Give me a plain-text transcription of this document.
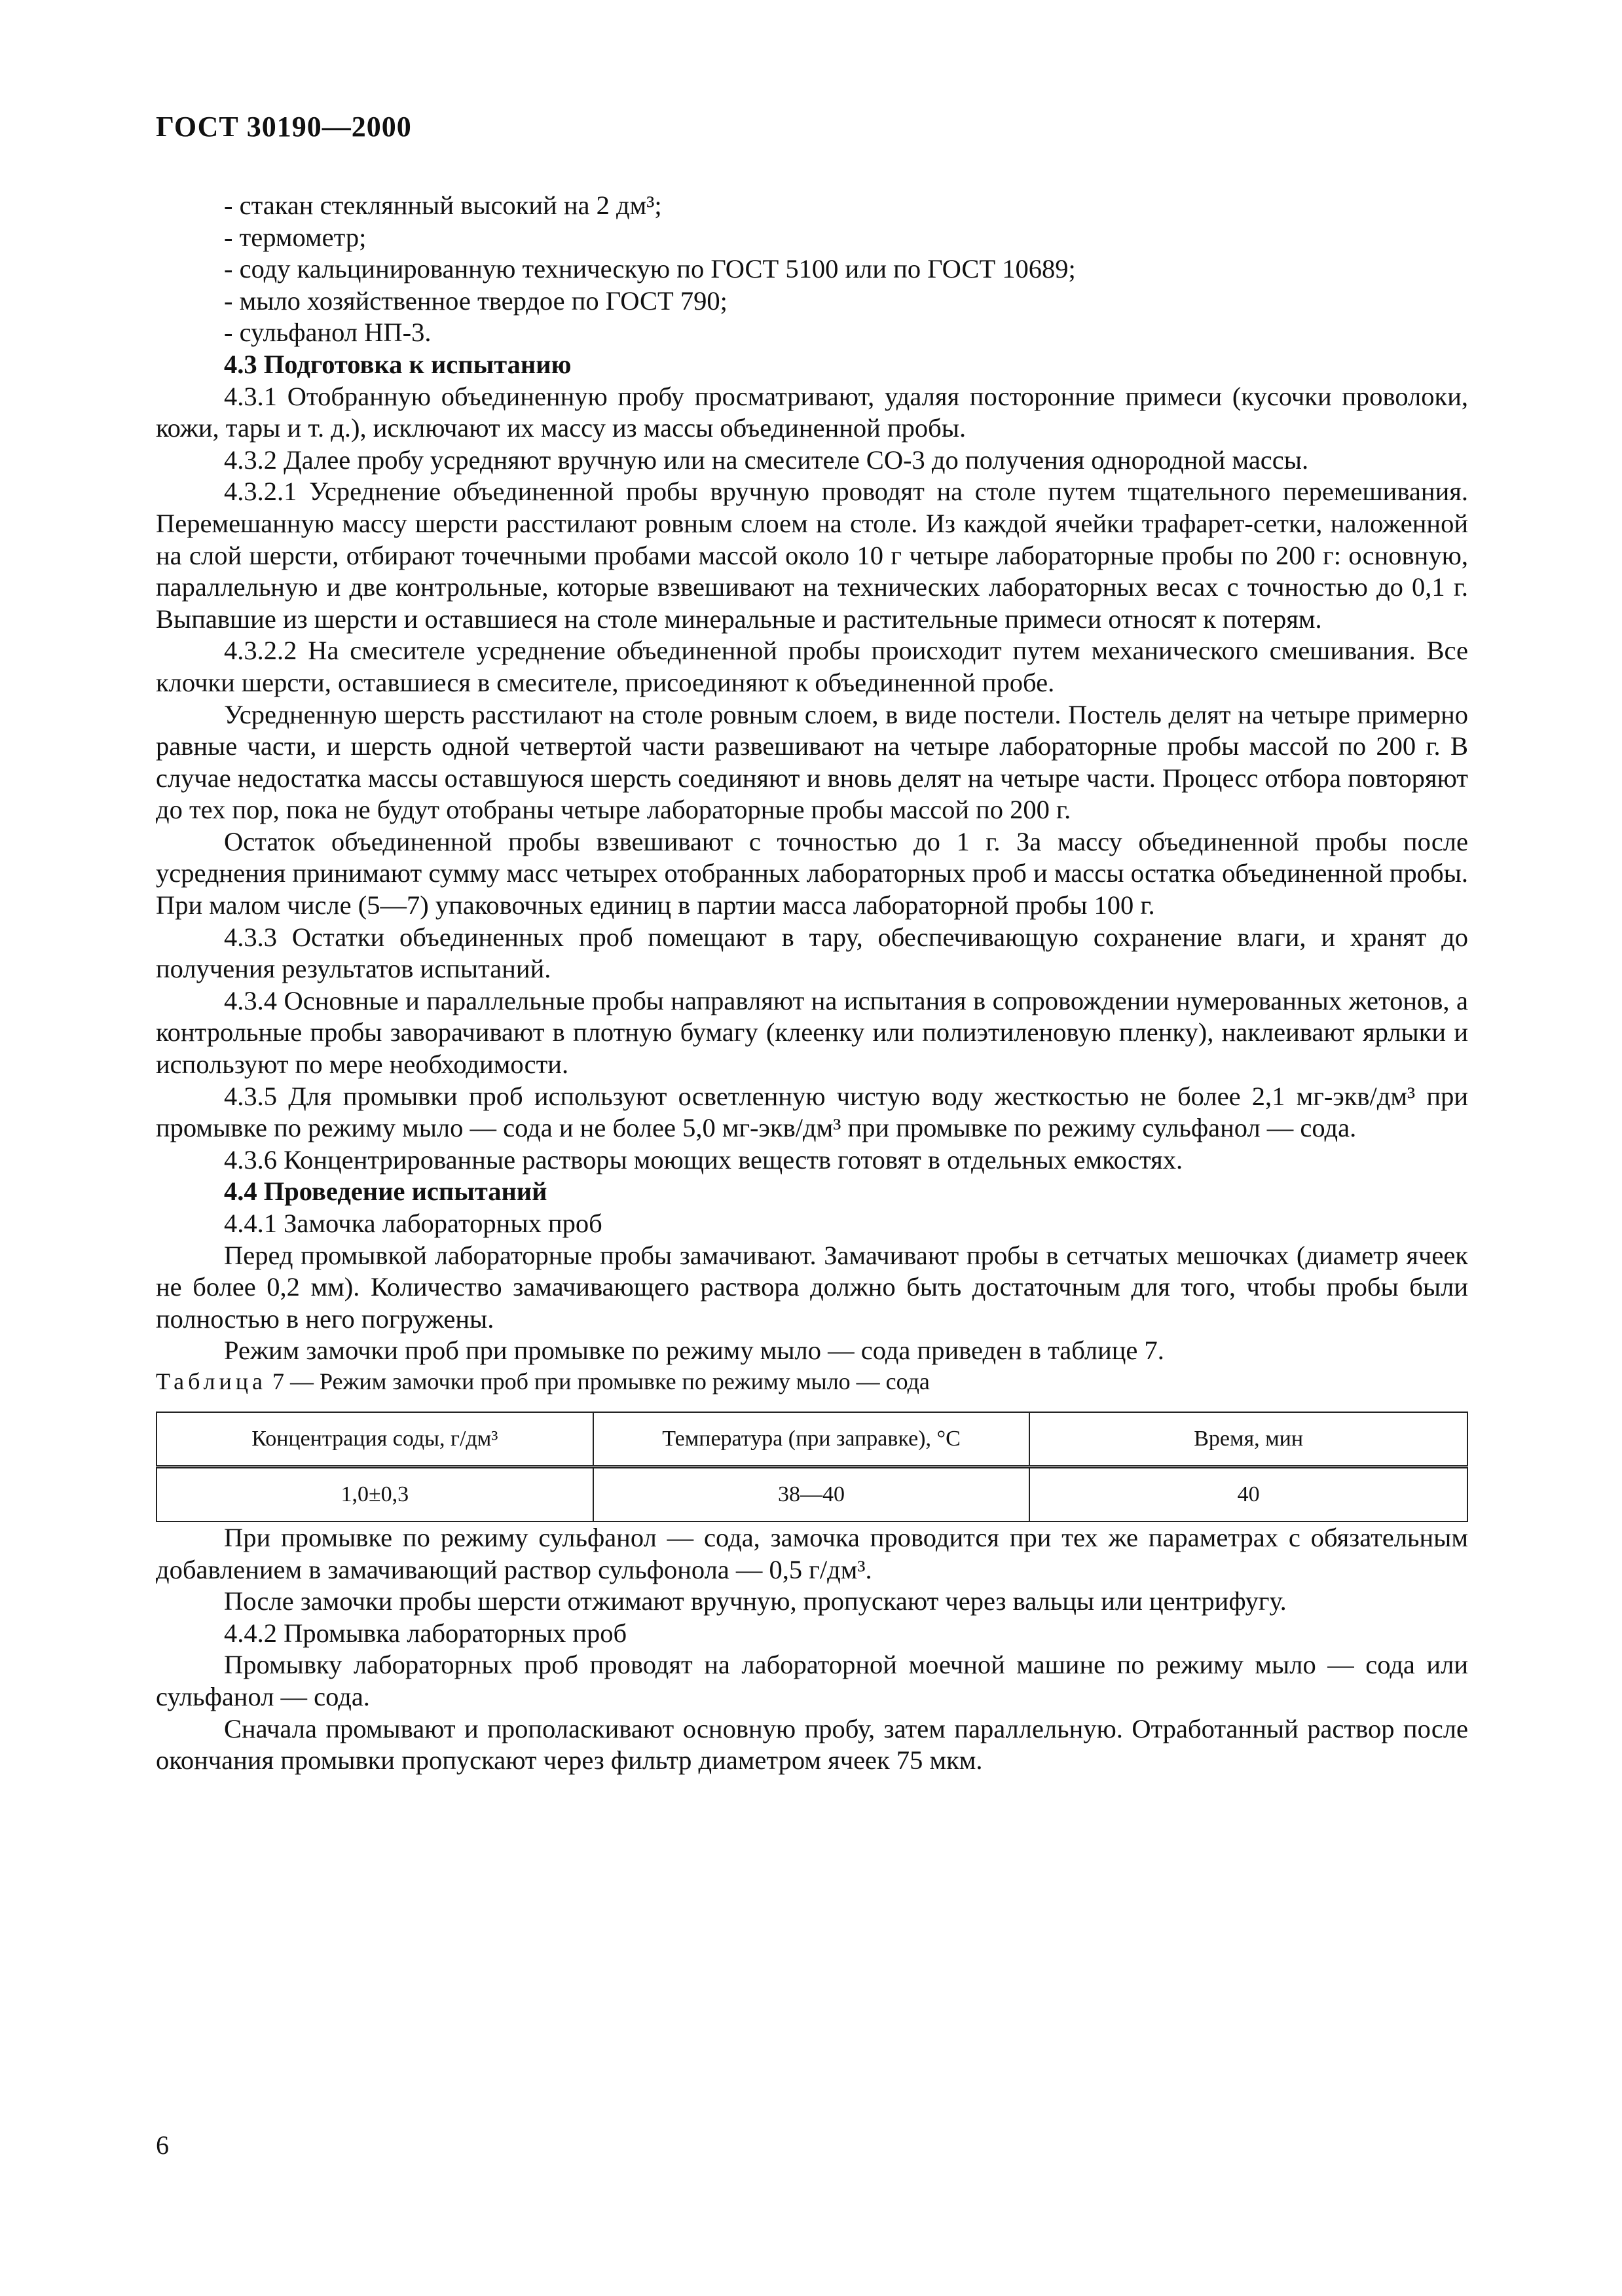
ГОСТ 30190—2000

- стакан стеклянный высокий на 2 дм³;

- термометр;

- соду кальцинированную техническую по ГОСТ 5100 или по ГОСТ 10689;

- мыло хозяйственное твердое по ГОСТ 790;

- сульфанол НП-3.

4.3 Подготовка к испытанию

4.3.1 Отобранную объединенную пробу просматривают, удаляя посторонние примеси (кусочки проволоки, кожи, тары и т. д.), исключают их массу из массы объединенной пробы.

4.3.2 Далее пробу усредняют вручную или на смесителе СО-3 до получения однородной массы.

4.3.2.1 Усреднение объединенной пробы вручную проводят на столе путем тщательного перемешивания. Перемешанную массу шерсти расстилают ровным слоем на столе. Из каждой ячейки трафарет-сетки, наложенной на слой шерсти, отбирают точечными пробами массой около 10 г четыре лабораторные пробы по 200 г: основную, параллельную и две контрольные, которые взвешивают на технических лабораторных весах с точностью до 0,1 г. Выпавшие из шерсти и оставшиеся на столе минеральные и растительные примеси относят к потерям.

4.3.2.2 На смесителе усреднение объединенной пробы происходит путем механического смешивания. Все клочки шерсти, оставшиеся в смесителе, присоединяют к объединенной пробе.

Усредненную шерсть расстилают на столе ровным слоем, в виде постели. Постель делят на четыре примерно равные части, и шерсть одной четвертой части развешивают на четыре лабораторные пробы массой по 200 г. В случае недостатка массы оставшуюся шерсть соединяют и вновь делят на четыре части. Процесс отбора повторяют до тех пор, пока не будут отобраны четыре лабораторные пробы массой по 200 г.

Остаток объединенной пробы взвешивают с точностью до 1 г. За массу объединенной пробы после усреднения принимают сумму масс четырех отобранных лабораторных проб и массы остатка объединенной пробы. При малом числе (5—7) упаковочных единиц в партии масса лабораторной пробы 100 г.

4.3.3 Остатки объединенных проб помещают в тару, обеспечивающую сохранение влаги, и хранят до получения результатов испытаний.

4.3.4 Основные и параллельные пробы направляют на испытания в сопровождении нумерованных жетонов, а контрольные пробы заворачивают в плотную бумагу (клеенку или полиэтиленовую пленку), наклеивают ярлыки и используют по мере необходимости.

4.3.5 Для промывки проб используют осветленную чистую воду жесткостью не более 2,1 мг-экв/дм³ при промывке по режиму мыло — сода и не более 5,0 мг-экв/дм³ при промывке по режиму сульфанол — сода.

4.3.6 Концентрированные растворы моющих веществ готовят в отдельных емкостях.

4.4 Проведение испытаний

4.4.1 Замочка лабораторных проб

Перед промывкой лабораторные пробы замачивают. Замачивают пробы в сетчатых мешочках (диаметр ячеек не более 0,2 мм). Количество замачивающего раствора должно быть достаточным для того, чтобы пробы были полностью в него погружены.

Режим замочки проб при промывке по режиму мыло — сода приведен в таблице 7.

Таблица 7 — Режим замочки проб при промывке по режиму мыло — сода

Концентрация соды, г/дм³	Температура (при заправке), °С	Время, мин
1,0±0,3	38—40	40

При промывке по режиму сульфанол — сода, замочка проводится при тех же параметрах с обязательным добавлением в замачивающий раствор сульфонола — 0,5 г/дм³.

После замочки пробы шерсти отжимают вручную, пропускают через вальцы или центрифугу.

4.4.2 Промывка лабораторных проб

Промывку лабораторных проб проводят на лабораторной моечной машине по режиму мыло — сода или сульфанол — сода.

Сначала промывают и прополаскивают основную пробу, затем параллельную. Отработанный раствор после окончания промывки пропускают через фильтр диаметром ячеек 75 мкм.

6
